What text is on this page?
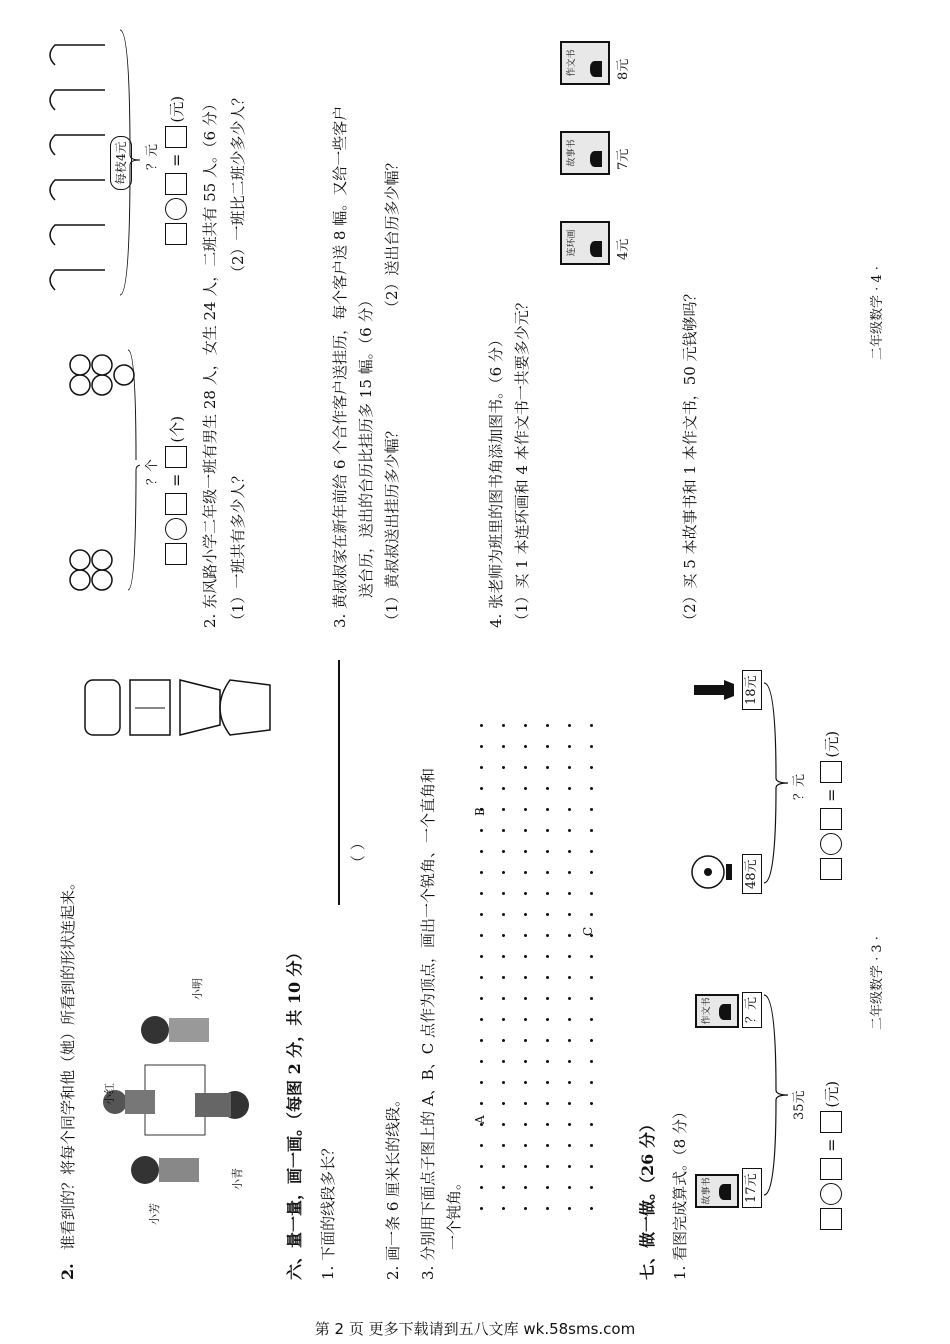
2.
谁看到的？将每个同学和他（她）所看到的形状连起来。	小芳
小红
小明
小青	六、量一量，画一画。（每图 2 分，共 10 分） 1. 下面的线段多长？
（ ）
2. 画一条 6 厘米长的线段。 3. 分别用下面点子图上的 A、B、C 点作为顶点，画出一个锐角、一个直角和 一个钝角。
A
B
C
七、做一做。（26 分） 1. 看图完成算式。（8 分）	故事书 17元
作文书 ？元
35元
=
(元)
48元
18元
？元 =
(元)
二年级数学 · 3 ·
？个 =
(个)
每枝4元	？元 =
(元) 2. 东风路小学二年级一班有男生 28 人，女生 24 人，二班共有 55 人。（6 分） （1）一班共有多少人？
（2）一班比二班少多少人？	3. 黄叔叔家在新年前给 6 个合作客户送挂历，每个客户送 8 幅。又给一些客户 送台历，送出的台历比挂历多 15 幅。（6 分） （1）黄叔叔送出挂历多少幅？
（2）送出台历多少幅？
4. 张老师为班里的图书角添加图书。（6 分） （1）买 1 本连环画和 4 本作文书一共要多少元？
连环画	4元
故事书	7元
作文书	8元
（2）买 5 本故事书和 1 本作文书，50 元钱够吗？	二年级数学 · 4 ·
第 2 页 更多下载请到五八文库 wk.58sms.com
